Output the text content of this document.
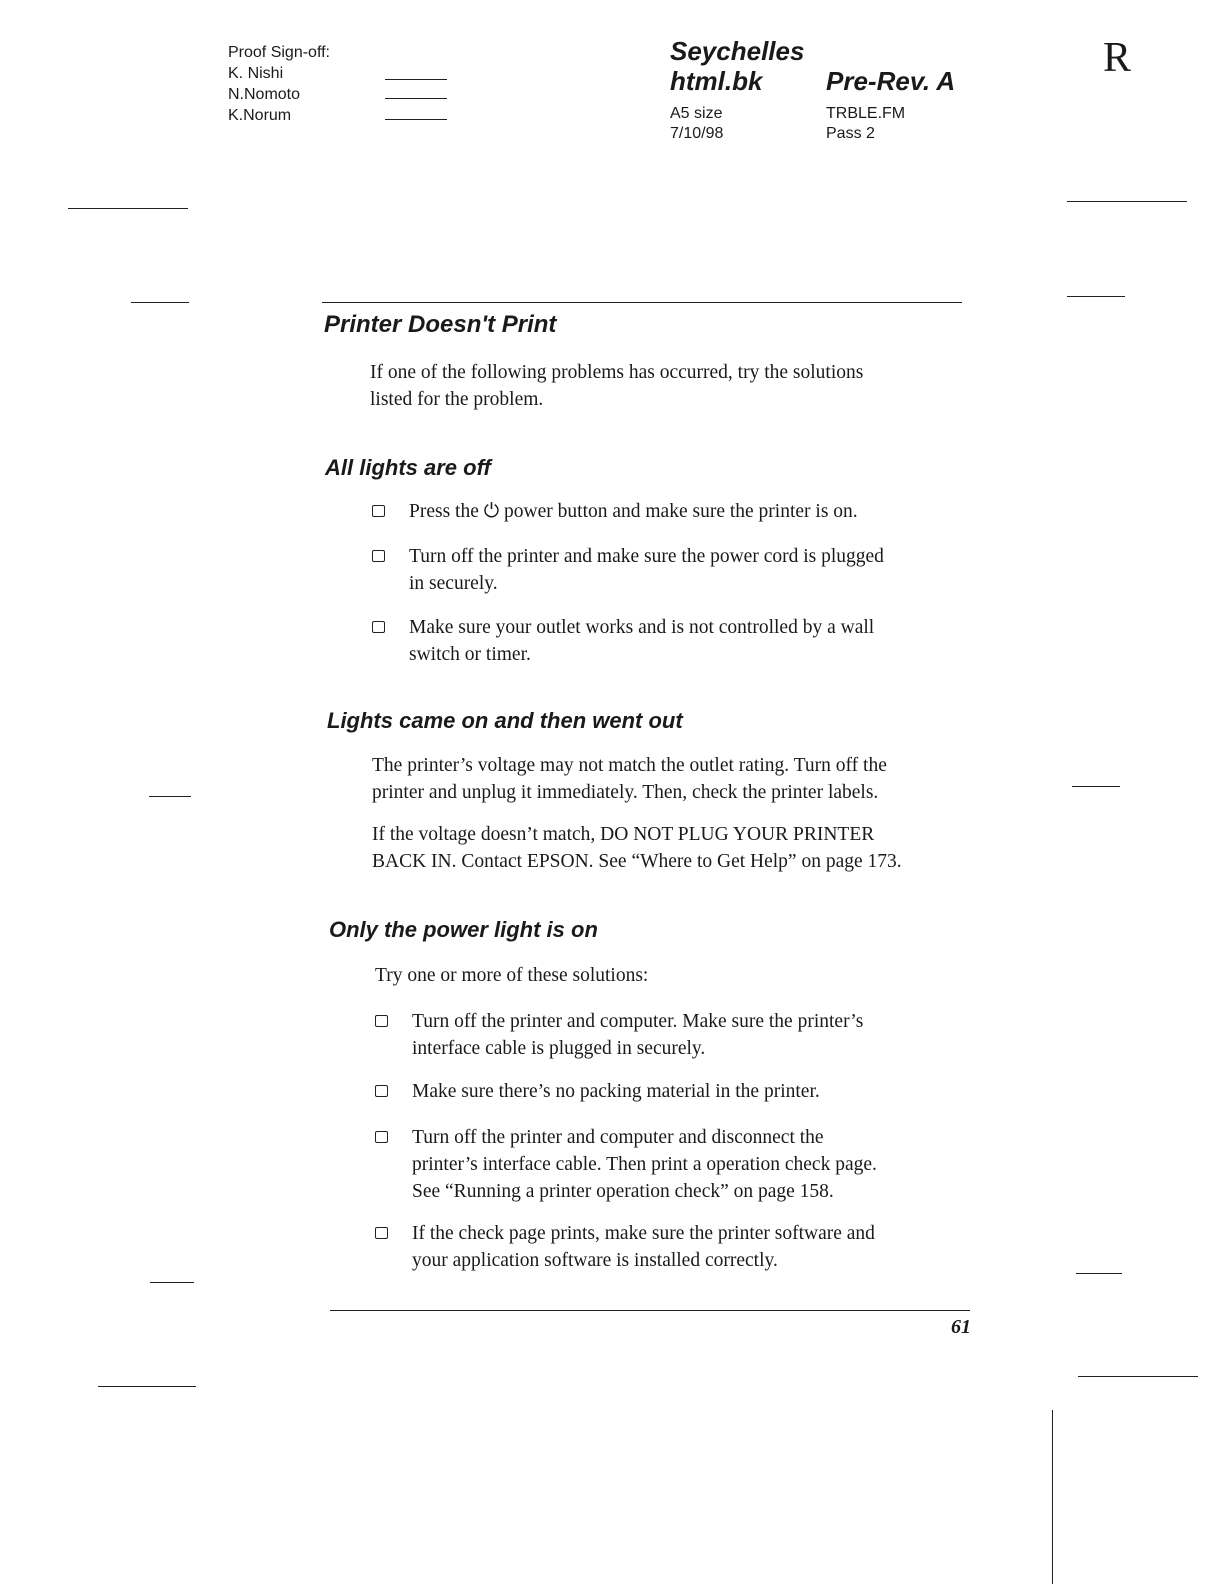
Proof Sign-off:
K. Nishi
N.Nomoto
K.Norum
Seychelles
html.bk Pre-Rev. A
A5 size	TRBLE.FM
7/10/98	Pass 2
R
Printer Doesn't Print
If one of the following problems has occurred, try the solutions
listed for the problem.
All lights are off
Press the ⏻ power button and make sure the printer is on.
Turn off the printer and make sure the power cord is plugged
in securely.
Make sure your outlet works and is not controlled by a wall
switch or timer.
Lights came on and then went out
The printer’s voltage may not match the outlet rating. Turn off the
printer and unplug it immediately. Then, check the printer labels.
If the voltage doesn’t match, DO NOT PLUG YOUR PRINTER
BACK IN. Contact EPSON. See “Where to Get Help” on page 173.
Only the power light is on
Try one or more of these solutions:
Turn off the printer and computer. Make sure the printer’s
interface cable is plugged in securely.
Make sure there’s no packing material in the printer.
Turn off the printer and computer and disconnect the
printer’s interface cable. Then print a operation check page.
See “Running a printer operation check” on page 158.
If the check page prints, make sure the printer software and
your application software is installed correctly.
61
